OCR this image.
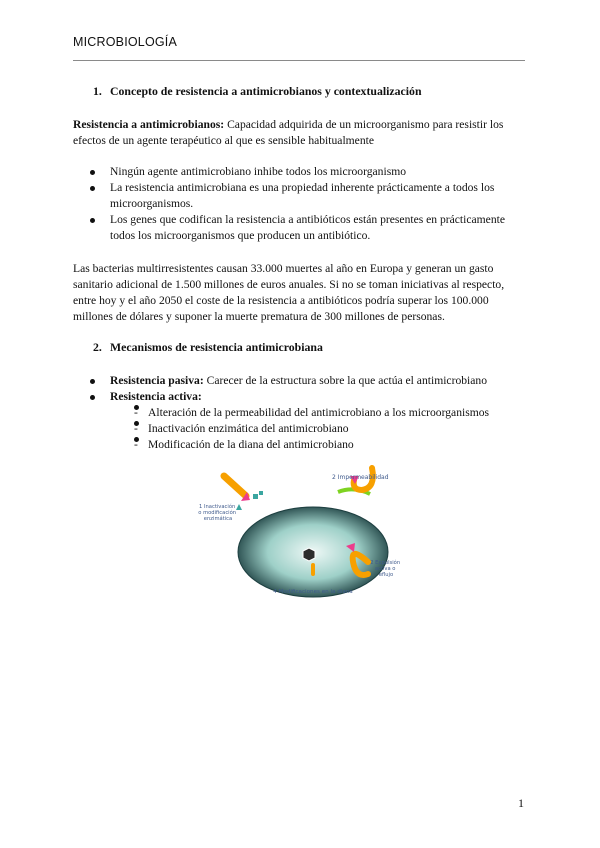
MICROBIOLOGÍA
1. Concepto de resistencia a antimicrobianos y contextualización
Resistencia a antimicrobianos: Capacidad adquirida de un microorganismo para resistir los efectos de un agente terapéutico al que es sensible habitualmente
Ningún agente antimicrobiano inhibe todos los microorganismo
La resistencia antimicrobiana es una propiedad inherente prácticamente a todos los microorganismos.
Los genes que codifican la resistencia a antibióticos están presentes en prácticamente todos los microorganismos que producen un antibiótico.
Las bacterias multirresistentes causan 33.000 muertes al año en Europa y generan un gasto sanitario adicional de 1.500 millones de euros anuales. Si no se toman iniciativas al respecto, entre hoy y el año 2050 el coste de la resistencia a antibióticos podría superar los 100.000 millones de dólares y suponer la muerte prematura de 300 millones de personas.
2. Mecanismos de resistencia antimicrobiana
Resistencia pasiva: Carecer de la estructura sobre la que actúa el antimicrobiano
Resistencia activa:
- Alteración de la permeabilidad del antimicrobiano a los microorganismos
- Inactivación enzimática del antimicrobiano
- Modificación de la diana del antimicrobiano
2 Impermeabilidad
1 Inactivación o modificación enzimática
2 Expulsión activa o eflujo
4 Modificaciones en la diana
1
